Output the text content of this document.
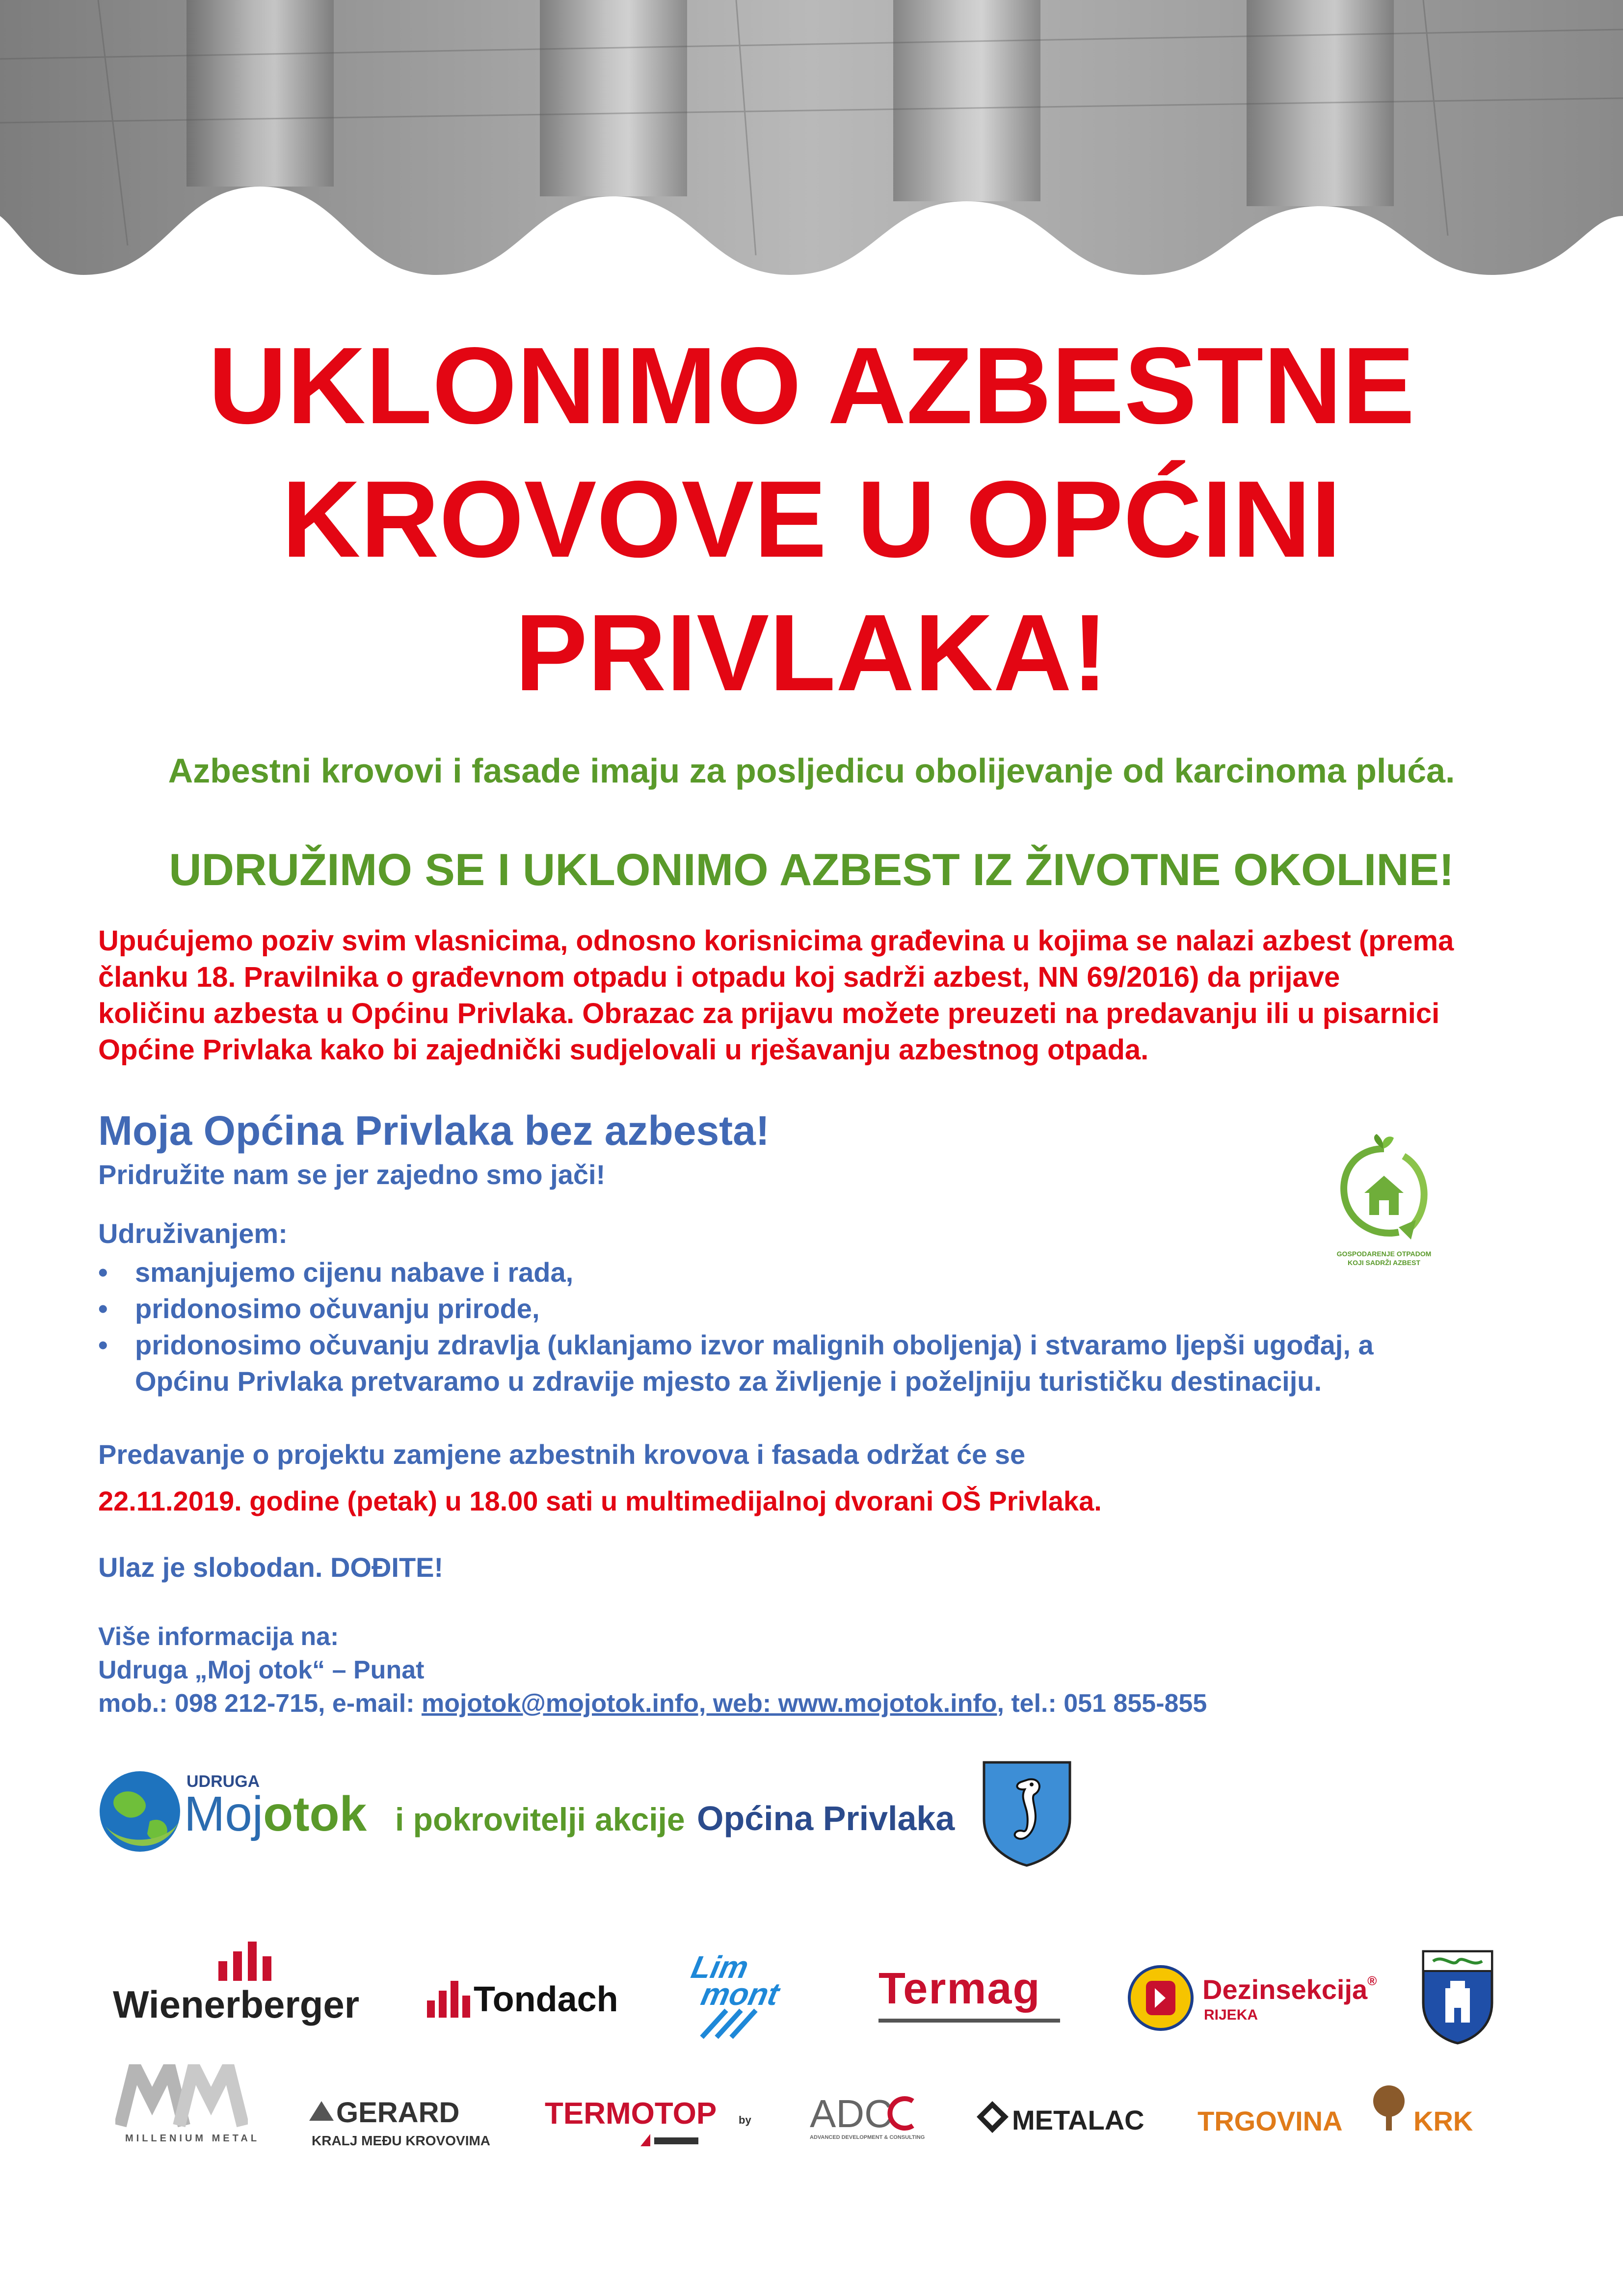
UKLONIMO AZBESTNE
KROVOVE U OPĆINI
PRIVLAKA!
Azbestni krovovi i fasade imaju za posljedicu obolijevanje od karcinoma pluća.
UDRUŽIMO SE I UKLONIMO AZBEST IZ ŽIVOTNE OKOLINE!
Upućujemo poziv svim vlasnicima, odnosno korisnicima građevina u kojima se nalazi azbest (prema
članku 18. Pravilnika o građevnom otpadu i otpadu koj sadrži azbest, NN 69/2016) da prijave
količinu azbesta u Općinu Privlaka. Obrazac za prijavu možete preuzeti na predavanju ili u pisarnici
Općine Privlaka kako bi zajednički sudjelovali u rješavanju azbestnog otpada.
Moja Općina Privlaka bez azbesta!
Pridružite nam se jer zajedno smo jači!
GOSPODARENJE OTPADOM
KOJI SADRŽI AZBEST
Udruživanjem:
• smanjujemo cijenu nabave i rada,
• pridonosimo očuvanju prirode,
• pridonosimo očuvanju zdravlja (uklanjamo izvor malignih oboljenja) i stvaramo ljepši ugođaj, a
Općinu Privlaka pretvaramo u zdravije mjesto za življenje i poželjniju turističku destinaciju.
Predavanje o projektu zamjene azbestnih krovova i fasada održat će se
22.11.2019. godine (petak) u 18.00 sati u multimedijalnoj dvorani OŠ Privlaka.
Ulaz je slobodan. DOĐITE!
Više informacija na:
Udruga „Moj otok“ – Punat
mob.: 098 212-715, e-mail: mojotok@mojotok.info, web: www.mojotok.info, tel.: 051 855-855
UDRUGA
Mojotok i pokrovitelji akcije Općina Privlaka
Wienerberger	Tondach
Lim
mont Termag	Dezinsekcija®
RIJEKA
MILLENIUM METAL
GERARD
KRALJ MEĐU KROVOVIMA
TERMOTOP by ADC
ADVANCED DEVELOPMENT & CONSULTING
METALAC TRGOVINA	KRK
